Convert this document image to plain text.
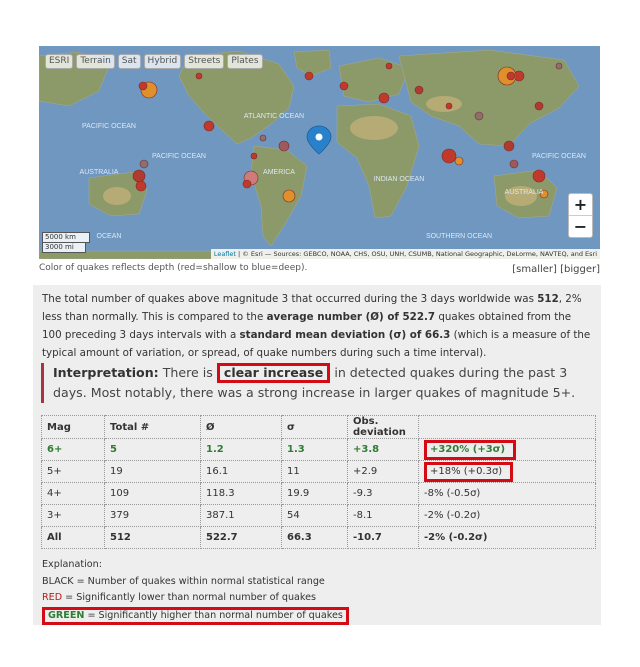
PACIFIC OCEAN
ATLANTIC OCEAN
PACIFIC OCEAN
INDIAN OCEAN
SOUTHERN OCEAN
OCEAN
PACIFIC OCEAN
AUSTRALIA
AUSTRALIA
AMERICA
ESRI	Terrain	Sat	Hybrid	Streets	Plates
+
−
5000 km
3000 mi
Leaflet | © Esri — Sources: GEBCO, NOAA, CHS, OSU, UNH, CSUMB, National Geographic, DeLorme, NAVTEQ, and Esri
Color of quakes reflects depth (red=shallow to blue=deep).	[smaller] [bigger]
The total number of quakes above magnitude 3 that occurred during the 3 days worldwide was 512, 2% less than normally. This is compared to the average number (Ø) of 522.7 quakes obtained from the 100 preceding 3 days intervals with a standard mean deviation (σ) of 66.3 (which is a measure of the typical amount of variation, or spread, of quake numbers during such a time interval).
Interpretation: There is clear increase in detected quakes during the past 3 days. Most notably, there was a strong increase in larger quakes of magnitude 5+.
Mag	Total #	Ø	σ	Obs. deviation	
6+	5	1.2	1.3	+3.8	+320% (+3σ)
5+	19	16.1	11	+2.9	+18% (+0.3σ)
4+	109	118.3	19.9	-9.3	-8% (-0.5σ)
3+	379	387.1	54	-8.1	-2% (-0.2σ)
All	512	522.7	66.3	-10.7	-2% (-0.2σ)
Explanation:
BLACK = Number of quakes within normal statistical range
RED = Significantly lower than normal number of quakes
GREEN = Significantly higher than normal number of quakes
